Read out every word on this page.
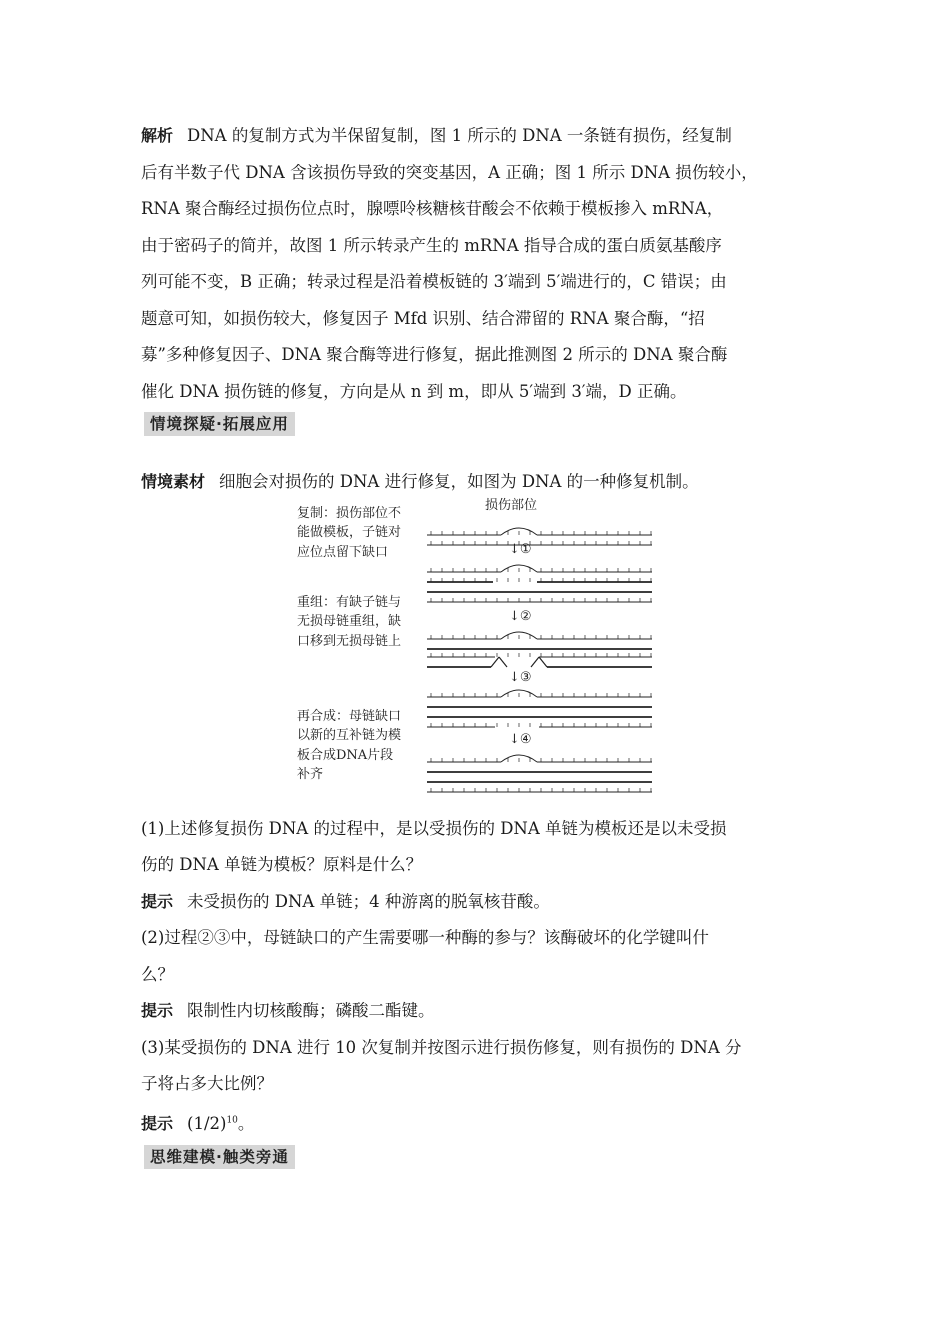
解析 DNA 的复制方式为半保留复制，图 1 所示的 DNA 一条链有损伤，经复制

后有半数子代 DNA 含该损伤导致的突变基因，A 正确；图 1 所示 DNA 损伤较小，

RNA 聚合酶经过损伤位点时，腺嘌呤核糖核苷酸会不依赖于模板掺入 mRNA，

由于密码子的简并，故图 1 所示转录产生的 mRNA 指导合成的蛋白质氨基酸序

列可能不变，B 正确；转录过程是沿着模板链的 3′端到 5′端进行的，C 错误；由

题意可知，如损伤较大，修复因子 Mfd 识别、结合滞留的 RNA 聚合酶，“招

募”多种修复因子、DNA 聚合酶等进行修复，据此推测图 2 所示的 DNA 聚合酶

催化 DNA 损伤链的修复，方向是从 n 到 m，即从 5′端到 3′端，D 正确。

情境探疑·拓展应用

情境素材 细胞会对损伤的 DNA 进行修复，如图为 DNA 的一种修复机制。

复制：损伤部位不
能做模板，子链对
应位点留下缺口
重组：有缺子链与
无损母链重组，缺
口移到无损母链上
再合成：母链缺口
以新的互补链为模
板合成DNA片段
补齐
损伤部位
↓①
↓②
↓③
↓④

(1)上述修复损伤 DNA 的过程中，是以受损伤的 DNA 单链为模板还是以未受损

伤的 DNA 单链为模板？原料是什么？

提示 未受损伤的 DNA 单链；4 种游离的脱氧核苷酸。

(2)过程②③中，母链缺口的产生需要哪一种酶的参与？该酶破坏的化学键叫什

么？

提示 限制性内切核酸酶；磷酸二酯键。

(3)某受损伤的 DNA 进行 10 次复制并按图示进行损伤修复，则有损伤的 DNA 分

子将占多大比例？

提示 $(1/2)^{10}$。

思维建模·触类旁通
